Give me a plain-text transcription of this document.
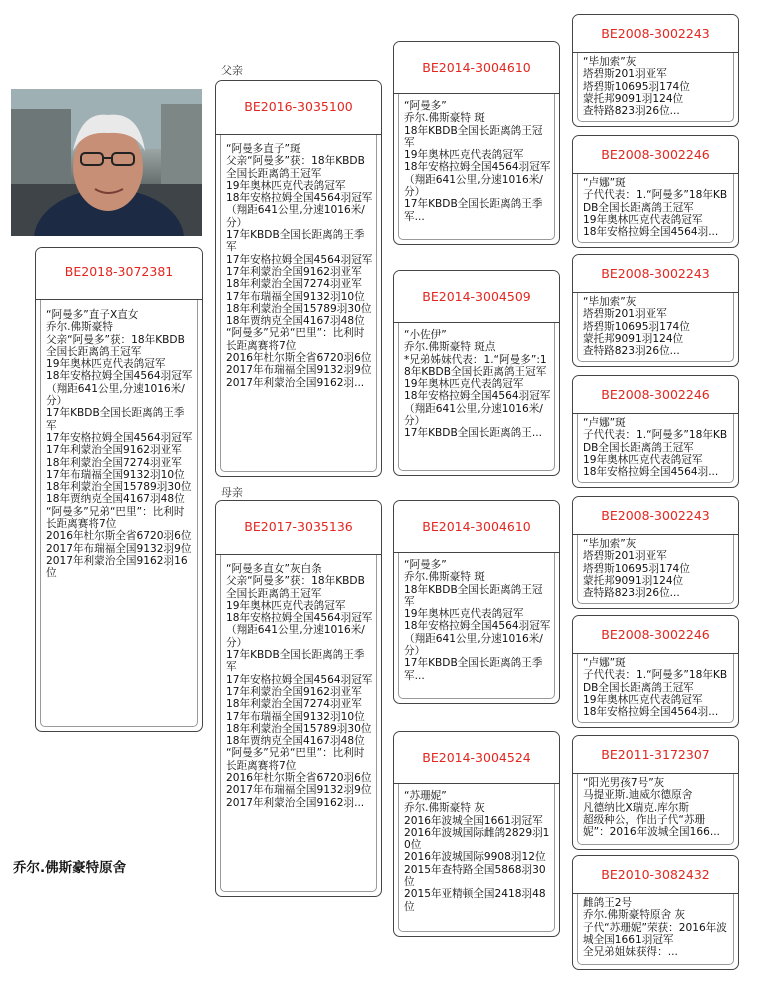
父亲
母亲
乔尔.佛斯豪特原舍
BE2018-3072381
“阿曼多”直子X直女
乔尔.佛斯豪特
父亲“阿曼多”获：18年KBDB全国长距离鸽王冠军
19年奥林匹克代表鸽冠军
18年安格拉姆全国4564羽冠军（翔距641公里,分速1016米/分）
17年KBDB全国长距离鸽王季军
17年安格拉姆全国4564羽冠军
17年利蒙治全国9162羽亚军
18年利蒙治全国7274羽亚军
17年布瑞福全国9132羽10位
18年利蒙治全国15789羽30位
18年贾纳克全国4167羽48位
“阿曼多”兄弟“巴里”：比利时长距离赛将7位
2016年杜尔斯全省6720羽6位
2017年布瑞福全国9132羽9位
2017年利蒙治全国9162羽16位
BE2016-3035100
“阿曼多直子”斑
父亲“阿曼多”获：18年KBDB全国长距离鸽王冠军
19年奥林匹克代表鸽冠军
18年安格拉姆全国4564羽冠军（翔距641公里,分速1016米/分）
17年KBDB全国长距离鸽王季军
17年安格拉姆全国4564羽冠军
17年利蒙治全国9162羽亚军
18年利蒙治全国7274羽亚军
17年布瑞福全国9132羽10位
18年利蒙治全国15789羽30位
18年贾纳克全国4167羽48位
“阿曼多”兄弟“巴里”：比利时长距离赛将7位
2016年杜尔斯全省6720羽6位
2017年布瑞福全国9132羽9位
2017年利蒙治全国9162羽...
BE2017-3035136
“阿曼多直女”灰白条
父亲“阿曼多”获：18年KBDB全国长距离鸽王冠军
19年奥林匹克代表鸽冠军
18年安格拉姆全国4564羽冠军（翔距641公里,分速1016米/分）
17年KBDB全国长距离鸽王季军
17年安格拉姆全国4564羽冠军
17年利蒙治全国9162羽亚军
18年利蒙治全国7274羽亚军
17年布瑞福全国9132羽10位
18年利蒙治全国15789羽30位
18年贾纳克全国4167羽48位
“阿曼多”兄弟“巴里”：比利时长距离赛将7位
2016年杜尔斯全省6720羽6位
2017年布瑞福全国9132羽9位
2017年利蒙治全国9162羽...
BE2014-3004610
“阿曼多”
乔尔.佛斯豪特 斑
18年KBDB全国长距离鸽王冠军
19年奥林匹克代表鸽冠军
18年安格拉姆全国4564羽冠军（翔距641公里,分速1016米/分）
17年KBDB全国长距离鸽王季军...
BE2014-3004509
“小佐伊”
乔尔.佛斯豪特 斑点
*兄弟姊妹代表：1.“阿曼多”:18年KBDB全国长距离鸽王冠军
19年奥林匹克代表鸽冠军
18年安格拉姆全国4564羽冠军（翔距641公里,分速1016米/分）
17年KBDB全国长距离鸽王...
BE2014-3004610
“阿曼多”
乔尔.佛斯豪特 斑
18年KBDB全国长距离鸽王冠军
19年奥林匹克代表鸽冠军
18年安格拉姆全国4564羽冠军（翔距641公里,分速1016米/分）
17年KBDB全国长距离鸽王季军...
BE2014-3004524
“苏珊妮”
乔尔.佛斯豪特 灰
2016年波城全国1661羽冠军
2016年波城国际雌鸽2829羽10位
2016年波城国际9908羽12位
2015年查特路全国5868羽30位
2015年亚精顿全国2418羽48位
BE2008-3002243
“毕加索”灰
塔碧斯201羽亚军
塔碧斯10695羽174位
蒙托邦9091羽124位
查特路823羽26位...
BE2008-3002246
“卢娜”斑
子代代表：1.“阿曼多”18年KBDB全国长距离鸽王冠军
19年奥林匹克代表鸽冠军
18年安格拉姆全国4564羽...
BE2008-3002243
“毕加索”灰
塔碧斯201羽亚军
塔碧斯10695羽174位
蒙托邦9091羽124位
查特路823羽26位...
BE2008-3002246
“卢娜”斑
子代代表：1.“阿曼多”18年KBDB全国长距离鸽王冠军
19年奥林匹克代表鸽冠军
18年安格拉姆全国4564羽...
BE2008-3002243
“毕加索”灰
塔碧斯201羽亚军
塔碧斯10695羽174位
蒙托邦9091羽124位
查特路823羽26位...
BE2008-3002246
“卢娜”斑
子代代表：1.“阿曼多”18年KBDB全国长距离鸽王冠军
19年奥林匹克代表鸽冠军
18年安格拉姆全国4564羽...
BE2011-3172307
“阳光男孩7号”灰
马提亚斯.迪威尔德原舍
凡德纳比X瑞克.库尔斯
超级种公，作出子代“苏珊妮”：2016年波城全国166...
BE2010-3082432
雌鸽王2号
乔尔.佛斯豪特原舍 灰
子代“苏珊妮”荣获：2016年波城全国1661羽冠军
全兄弟姐妹获得：...
